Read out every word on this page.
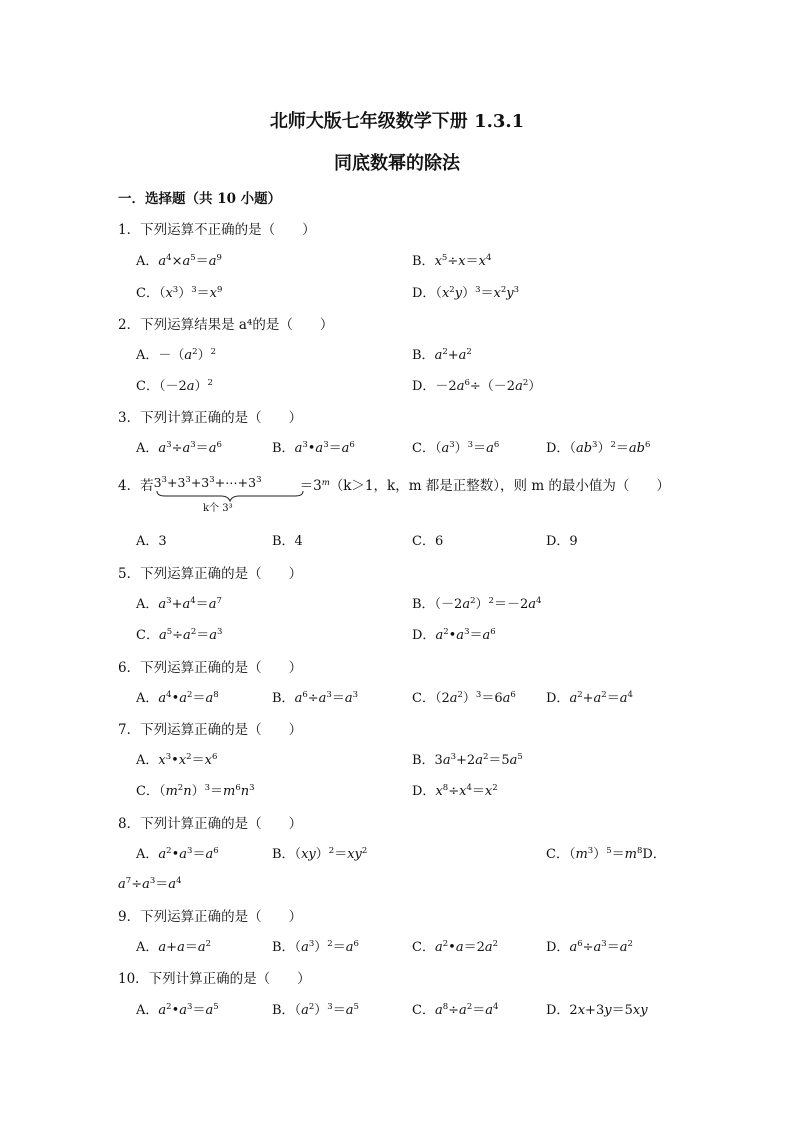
北师大版七年级数学下册 1.3.1
同底数幂的除法
一．选择题（共 10 小题）
1．下列运算不正确的是（　　）
A．$a^4\times a^5=a^9$	B．$x^5\div x=x^4$
C．$(x^3)^3=x^9$	D．$(x^2y)^3=x^2y^3$
2．下列运算结果是 a⁴的是（　　）
A．$-(a^2)^2$	B．$a^2+a^2$
C．$(-2a)^2$	D．$-2a^6\div(-2a^2)$
3．下列计算正确的是（　　）
A．$a^3\div a^3=a^6$	B．$a^3•a^3=a^6$	C．$(a^3)^3=a^6$	D．$(ab^3)^2=ab^6$
4．若 $3^3+3^3+3^3+\cdots+3^3$	$=3^m(k>1$，k，m 都是正整数），则 m 的最小值为（　　）
k个 3³
A．3	B．4	C．6	D．9
5．下列运算正确的是（　　）
A．$a^3+a^4=a^7$	B．$(-2a^2)^2=-2a^4$
C．$a^5\div a^2=a^3$	D．$a^2•a^3=a^6$
6．下列运算正确的是（　　）
A．$a^4•a^2=a^8$	B．$a^6\div a^3=a^3$	C．$(2a^2)^3=6a^6$ D．$a^2+a^2=a^4$
7．下列运算正确的是（　　）
A．$x^3•x^2=x^6$	B．$3a^3+2a^2=5a^5$
C．$(m^2n)^3=m^6n^3$	D．$x^8\div x^4=x^2$
8．下列计算正确的是（　　）
A．$a^2•a^3=a^6$	B．$(xy)^2=xy^2$	C．$(m^3)^5=m^8D$．
$a^7\div a^3=a^4$
9．下列运算正确的是（　　）
A．$a+a=a^2$	B．$(a^3)^2=a^6$	C．$a^2•a=2a^2$	D．$a^6\div a^3=a^2$
10．下列计算正确的是（　　）
A．$a^2•a^3=a^5$	B．$(a^2)^3=a^5$	C．$a^8\div a^2=a^4$	D．2x+3y＝5xy
